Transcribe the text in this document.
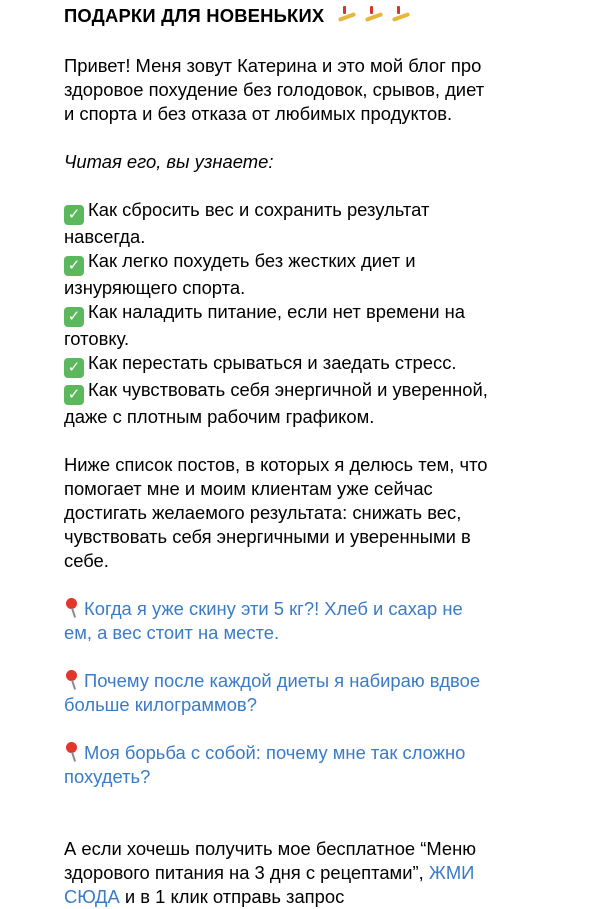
ПОДАРКИ ДЛЯ НОВЕНЬКИХ

Привет! Меня зовут Катерина и это мой блог про
здоровое похудение без голодовок, срывов, диет
и спорта и без отказа от любимых продуктов.
Читая его, вы узнаете:
✓ Как сбросить вес и сохранить результат
навсегда.
✓ Как легко похудеть без жестких диет и
изнуряющего спорта.
✓ Как наладить питание, если нет времени на
готовку.
✓ Как перестать срываться и заедать стресс.
✓ Как чувствовать себя энергичной и уверенной,
даже с плотным рабочим графиком.
Ниже список постов, в которых я делюсь тем, что
помогает мне и моим клиентам уже сейчас
достигать желаемого результата: снижать вес,
чувствовать себя энергичными и уверенными в
себе.
Когда я уже скину эти 5 кг?! Хлеб и сахар не
ем, а вес стоит на месте.
Почему после каждой диеты я набираю вдвое
больше килограммов?
Моя борьба с собой: почему мне так сложно
похудеть?
А если хочешь получить мое бесплатное “Меню
здорового питания на 3 дня с рецептами”, ЖМИ
СЮДА и в 1 клик отправь запрос
